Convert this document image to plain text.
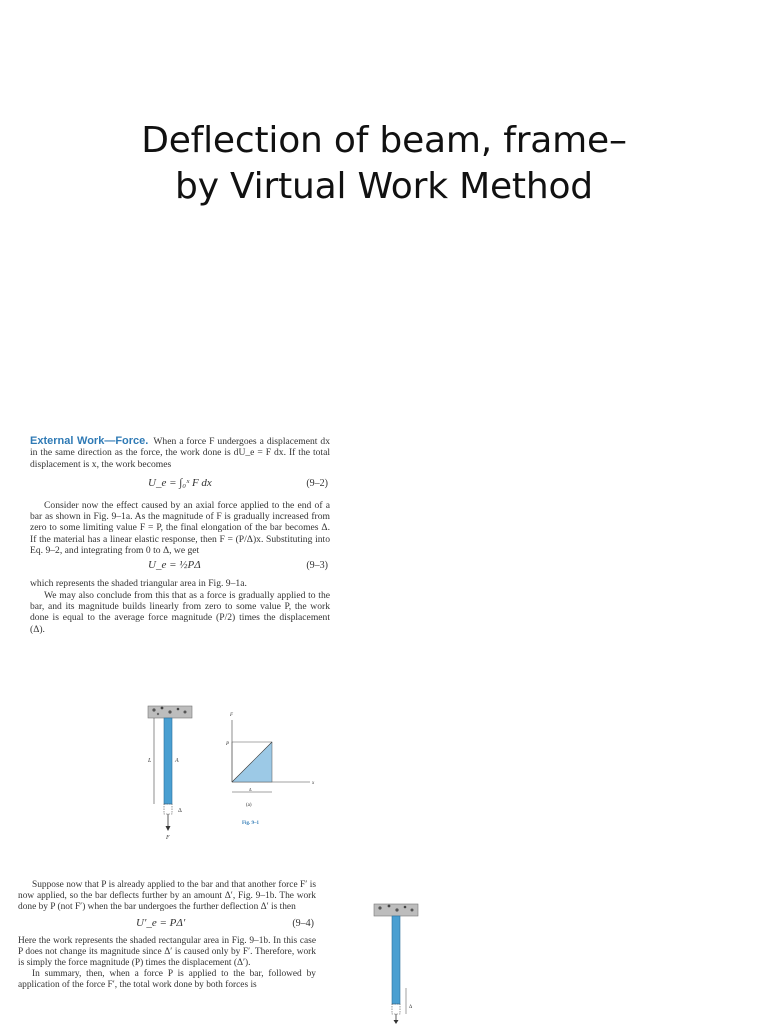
Deflection of beam, frame–
by Virtual Work Method

External Work—Force. When a force F undergoes a displacement dx in the same direction as the force, the work done is dU_e = F dx. If the total displacement is x, the work becomes

U_e = ∫₀ˣ F dx	(9–2)

Consider now the effect caused by an axial force applied to the end of a bar as shown in Fig. 9–1a. As the magnitude of F is gradually increased from zero to some limiting value F = P, the final elongation of the bar becomes Δ. If the material has a linear elastic response, then F = (P/Δ)x. Substituting into Eq. 9–2, and integrating from 0 to Δ, we get

U_e = ½PΔ	(9–3)

which represents the shaded triangular area in Fig. 9–1a.

We may also conclude from this that as a force is gradually applied to the bar, and its magnitude builds linearly from zero to some value P, the work done is equal to the average force magnitude (P/2) times the displacement (Δ).

L	A
Δ
F
F
P
x
Δ
(a)
Fig. 9–1

Suppose now that P is already applied to the bar and that another force F′ is now applied, so the bar deflects further by an amount Δ′, Fig. 9–1b. The work done by P (not F′) when the bar undergoes the further deflection Δ′ is then

U′_e = PΔ′	(9–4)

Here the work represents the shaded rectangular area in Fig. 9–1b. In this case P does not change its magnitude since Δ′ is caused only by F′. Therefore, work is simply the force magnitude (P) times the displacement (Δ′).

In summary, then, when a force P is applied to the bar, followed by application of the force F′, the total work done by both forces is

Δ
